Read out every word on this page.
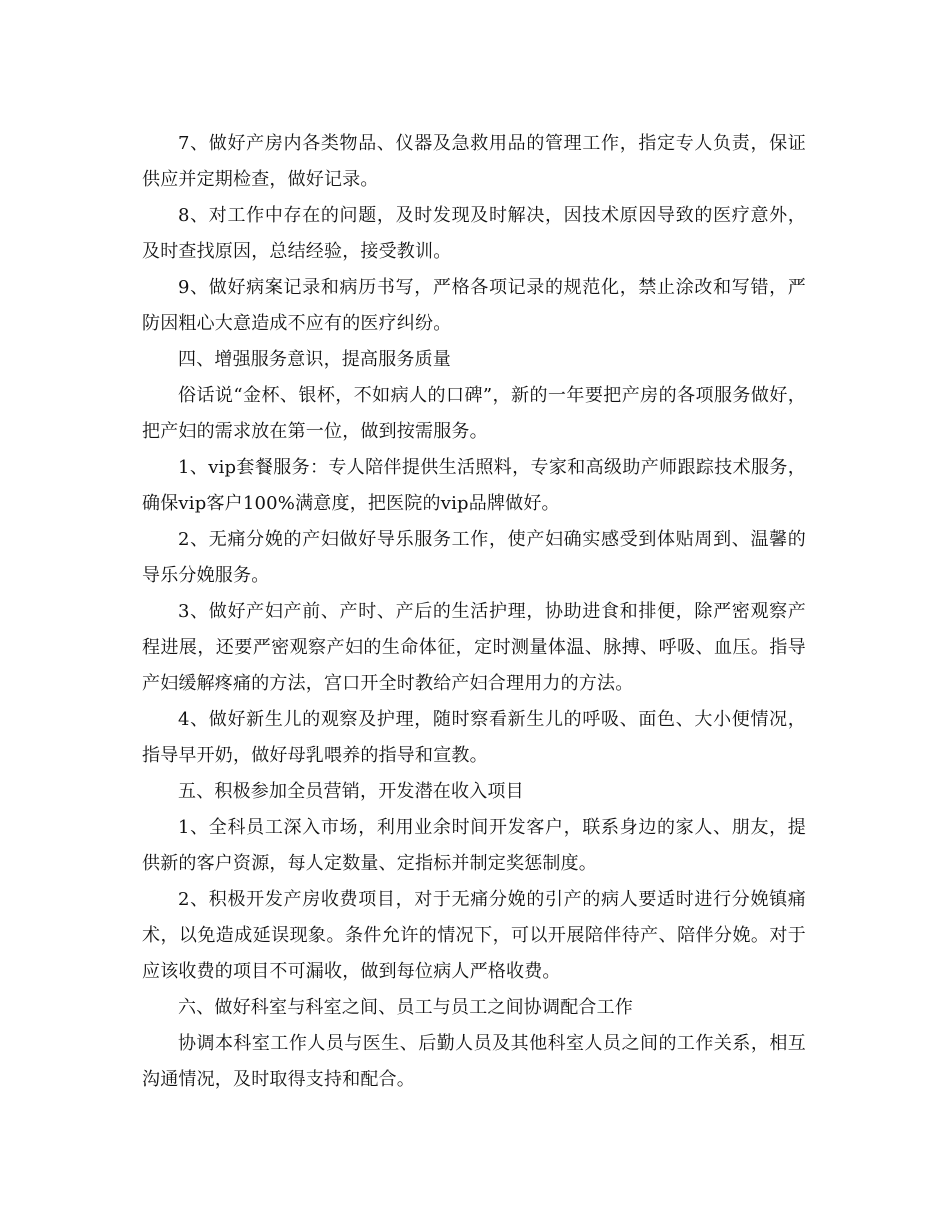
7、做好产房内各类物品、仪器及急救用品的管理工作，指定专人负责，保证供应并定期检查，做好记录。

8、对工作中存在的问题，及时发现及时解决，因技术原因导致的医疗意外，及时查找原因，总结经验，接受教训。

9、做好病案记录和病历书写，严格各项记录的规范化，禁止涂改和写错，严防因粗心大意造成不应有的医疗纠纷。

四、增强服务意识，提高服务质量

俗话说“金杯、银杯，不如病人的口碑”，新的一年要把产房的各项服务做好，把产妇的需求放在第一位，做到按需服务。

1、vip套餐服务：专人陪伴提供生活照料，专家和高级助产师跟踪技术服务，确保vip客户100%满意度，把医院的vip品牌做好。

2、无痛分娩的产妇做好导乐服务工作，使产妇确实感受到体贴周到、温馨的导乐分娩服务。

3、做好产妇产前、产时、产后的生活护理，协助进食和排便，除严密观察产程进展，还要严密观察产妇的生命体征，定时测量体温、脉搏、呼吸、血压。指导产妇缓解疼痛的方法，宫口开全时教给产妇合理用力的方法。

4、做好新生儿的观察及护理，随时察看新生儿的呼吸、面色、大小便情况，指导早开奶，做好母乳喂养的指导和宣教。

五、积极参加全员营销，开发潜在收入项目

1、全科员工深入市场，利用业余时间开发客户，联系身边的家人、朋友，提供新的客户资源，每人定数量、定指标并制定奖惩制度。

2、积极开发产房收费项目，对于无痛分娩的引产的病人要适时进行分娩镇痛术，以免造成延误现象。条件允许的情况下，可以开展陪伴待产、陪伴分娩。对于应该收费的项目不可漏收，做到每位病人严格收费。

六、做好科室与科室之间、员工与员工之间协调配合工作

协调本科室工作人员与医生、后勤人员及其他科室人员之间的工作关系，相互沟通情况，及时取得支持和配合。
